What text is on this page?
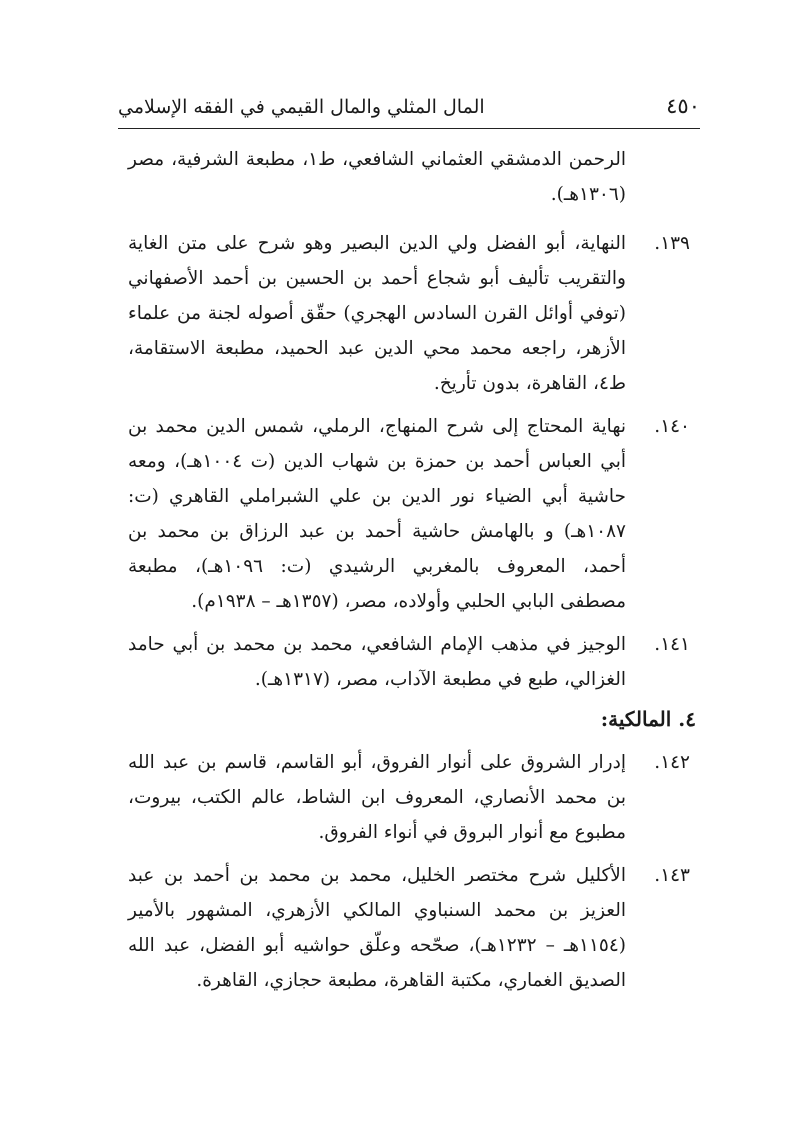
٤٥٠
المال المثلي والمال القيمي في الفقه الإسلامي

الرحمن الدمشقي العثماني الشافعي، ط١، مطبعة الشرفية، مصر (١٣٠٦هـ).

١٣٩.

النهاية، أبو الفضل ولي الدين البصير وهو شرح على متن الغاية والتقريب تأليف أبو شجاع أحمد بن الحسين بن أحمد الأصفهاني (توفي أوائل القرن السادس الهجري) حقّق أصوله لجنة من علماء الأزهر، راجعه محمد محي الدين عبد الحميد، مطبعة الاستقامة، ط٤، القاهرة، بدون تأريخ.

١٤٠.

نهاية المحتاج إلى شرح المنهاج، الرملي، شمس الدين محمد بن أبي العباس أحمد بن حمزة بن شهاب الدين (ت ١٠٠٤هـ)، ومعه حاشية أبي الضياء نور الدين بن علي الشبراملي القاهري (ت: ١٠٨٧هـ) و بالهامش حاشية أحمد بن عبد الرزاق بن محمد بن أحمد، المعروف بالمغربي الرشيدي (ت: ١٠٩٦هـ)، مطبعة مصطفى البابي الحلبي وأولاده، مصر، (١٣٥٧هـ – ١٩٣٨م).

١٤١.

الوجيز في مذهب الإمام الشافعي، محمد بن محمد بن أبي حامد الغزالي، طبع في مطبعة الآداب، مصر، (١٣١٧هـ).

٤. المالكية:
١٤٢.

إدرار الشروق على أنوار الفروق، أبو القاسم، قاسم بن عبد الله بن محمد الأنصاري، المعروف ابن الشاط، عالم الكتب، بيروت، مطبوع مع أنوار البروق في أنواء الفروق.

١٤٣.

الأكليل شرح مختصر الخليل، محمد بن محمد بن أحمد بن عبد العزيز بن محمد السنباوي المالكي الأزهري، المشهور بالأمير (١١٥٤هـ – ١٢٣٢هـ)، صحّحه وعلّق حواشيه أبو الفضل، عبد الله الصديق الغماري، مكتبة القاهرة، مطبعة حجازي، القاهرة.
